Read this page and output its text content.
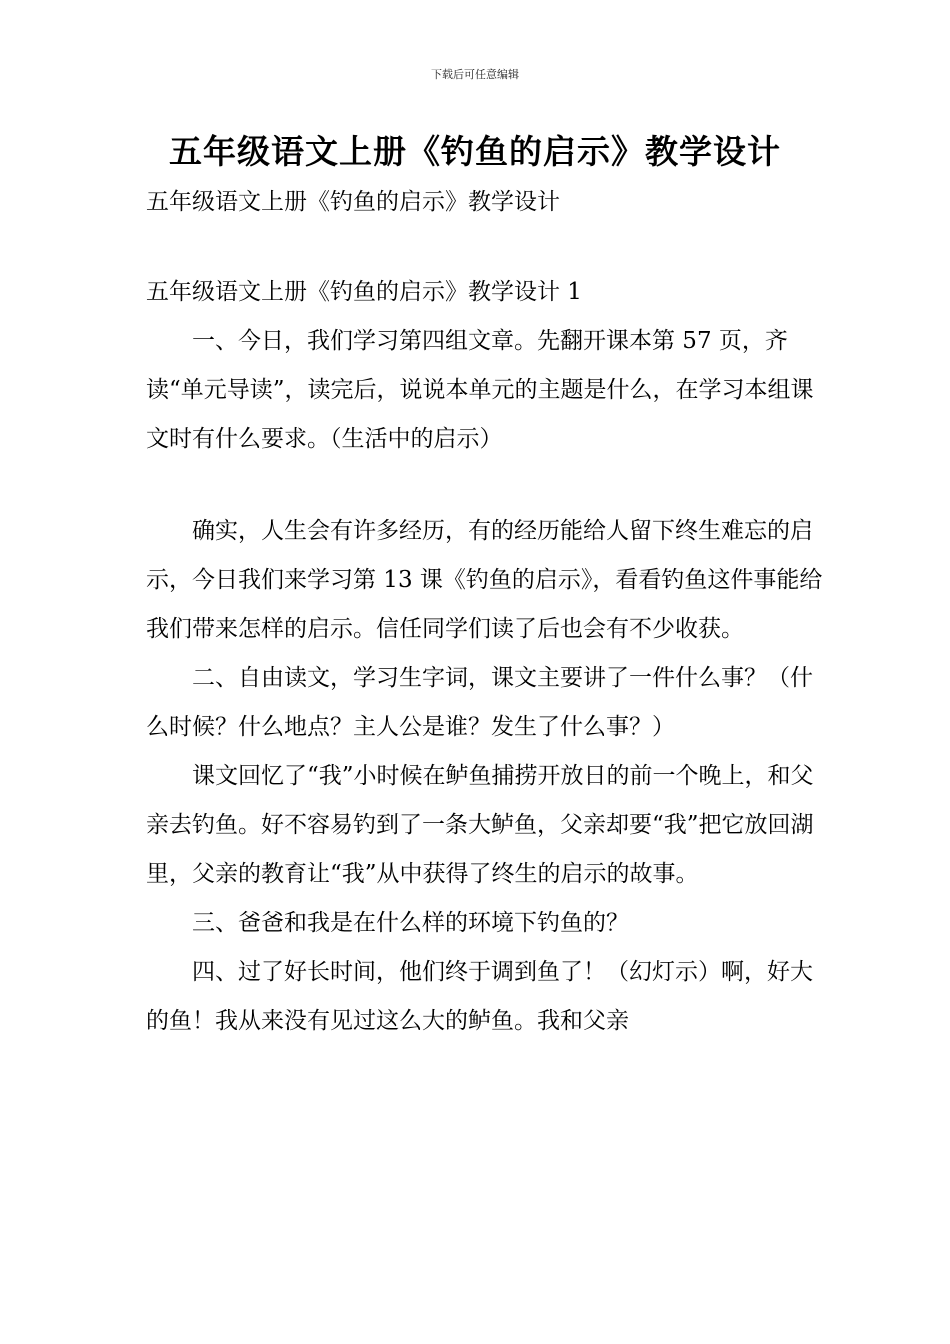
下载后可任意编辑
五年级语文上册《钓鱼的启示》教学设计

五年级语文上册《钓鱼的启示》教学设计

五年级语文上册《钓鱼的启示》教学设计 1

一、今日，我们学习第四组文章。先翻开课本第 57 页，齐读“单元导读”，读完后，说说本单元的主题是什么，在学习本组课文时有什么要求。（生活中的启示）

确实，人生会有许多经历，有的经历能给人留下终生难忘的启示，今日我们来学习第 13 课《钓鱼的启示》，看看钓鱼这件事能给我们带来怎样的启示。信任同学们读了后也会有不少收获。

二、自由读文，学习生字词，课文主要讲了一件什么事？（什么时候？什么地点？主人公是谁？发生了什么事？）

课文回忆了“我”小时候在鲈鱼捕捞开放日的前一个晚上，和父亲去钓鱼。好不容易钓到了一条大鲈鱼，父亲却要“我”把它放回湖里，父亲的教育让“我”从中获得了终生的启示的故事。

三、爸爸和我是在什么样的环境下钓鱼的？

四、过了好长时间，他们终于调到鱼了！（幻灯示）啊，好大的鱼！我从来没有见过这么大的鲈鱼。我和父亲
